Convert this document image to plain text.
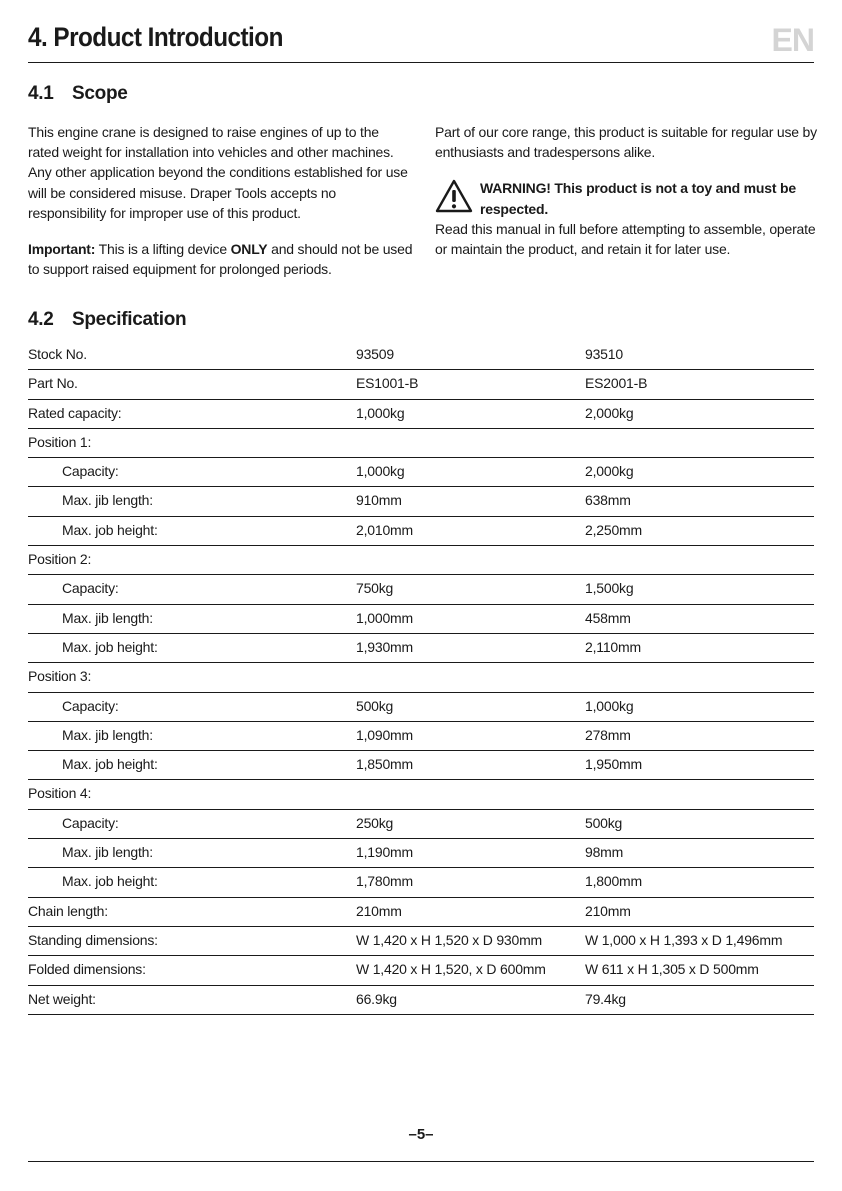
4. Product Introduction	EN
4.1 Scope

This engine crane is designed to raise engines of up to the rated weight for installation into vehicles and other machines. Any other application beyond the conditions established for use will be considered misuse. Draper Tools accepts no responsibility for improper use of this product.

Important: This is a lifting device ONLY and should not be used to support raised equipment for prolonged periods.

Part of our core range, this product is suitable for regular use by enthusiasts and tradespersons alike.

WARNING! This product is not a toy and must be respected.

Read this manual in full before attempting to assemble, operate or maintain the product, and retain it for later use.

4.2 Specification
Stock No.	93509	93510
Part No.	ES1001-B	ES2001-B
Rated capacity:	1,000kg	2,000kg
Position 1:
Capacity:	1,000kg	2,000kg
Max. jib length:	910mm	638mm
Max. job height:	2,010mm	2,250mm
Position 2:
Capacity:	750kg	1,500kg
Max. jib length:	1,000mm	458mm
Max. job height:	1,930mm	2,110mm
Position 3:
Capacity:	500kg	1,000kg
Max. jib length:	1,090mm	278mm
Max. job height:	1,850mm	1,950mm
Position 4:
Capacity:	250kg	500kg
Max. jib length:	1,190mm	98mm
Max. job height:	1,780mm	1,800mm
Chain length:	210mm	210mm
Standing dimensions:	W 1,420 x H 1,520 x D 930mm	W 1,000 x H 1,393 x D 1,496mm
Folded dimensions:	W 1,420 x H 1,520, x D 600mm	W 611 x H 1,305 x D 500mm
Net weight:	66.9kg	79.4kg
–5–
